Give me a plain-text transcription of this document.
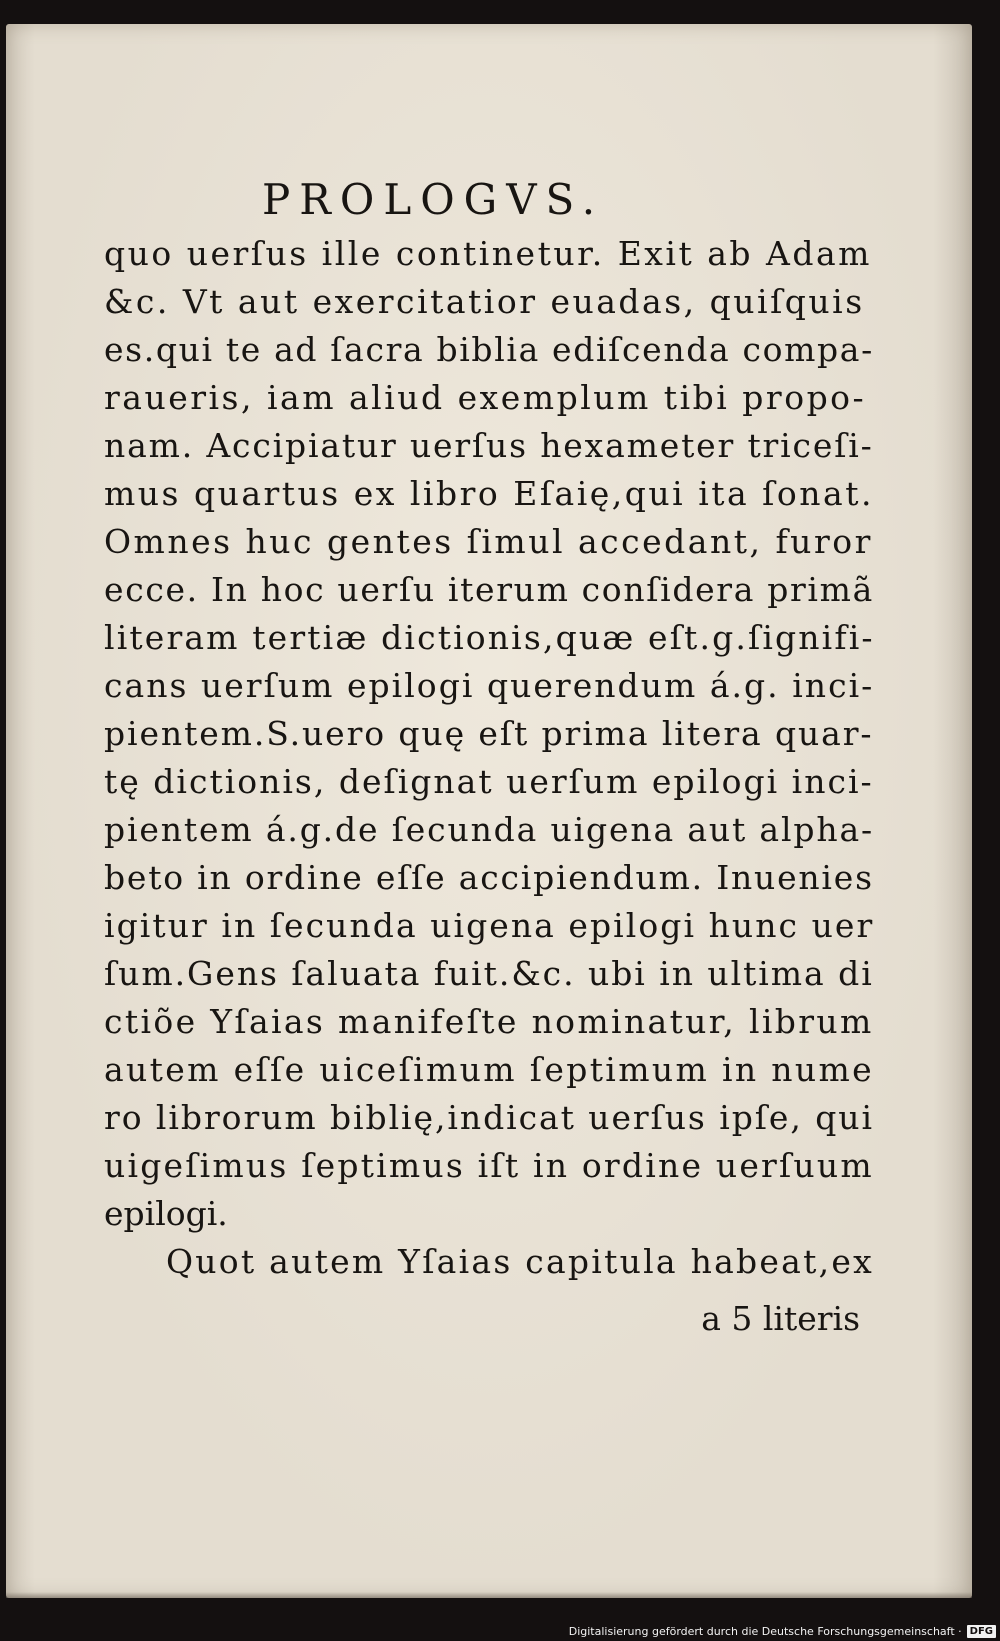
PROLOGVS.
quo uerſus ille continetur. Exit ab Adam
&c. Vt aut exercitatior euadas, quiſquis
es.qui te ad ſacra biblia ediſcenda compa-
raueris, iam aliud exemplum tibi propo-
nam. Accipiatur uerſus hexameter triceſi-
mus quartus ex libro Eſaię,qui ita ſonat.
Omnes huc gentes ſimul accedant, furor
ecce. In hoc uerſu iterum conſidera primã
literam tertiæ dictionis,quæ eſt.g.ſignifi-
cans uerſum epilogi querendum á.g. inci-
pientem.S.uero quę eſt prima litera quar-
tę dictionis, deſignat uerſum epilogi inci-
pientem á.g.de ſecunda uigena aut alpha-
beto in ordine eſſe accipiendum. Inuenies
igitur in ſecunda uigena epilogi hunc uer
ſum.Gens ſaluata fuit.&c. ubi in ultima di
ctiõe Yſaias manifeſte nominatur, librum
autem eſſe uiceſimum ſeptimum in nume
ro librorum biblię,indicat uerſus ipſe, qui
uigeſimus ſeptimus iſt in ordine uerſuum
epilogi.
Quot autem Yſaias capitula habeat,ex
a 5 literis
Digitalisierung gefördert durch die Deutsche Forschungsgemeinschaft · DFG
